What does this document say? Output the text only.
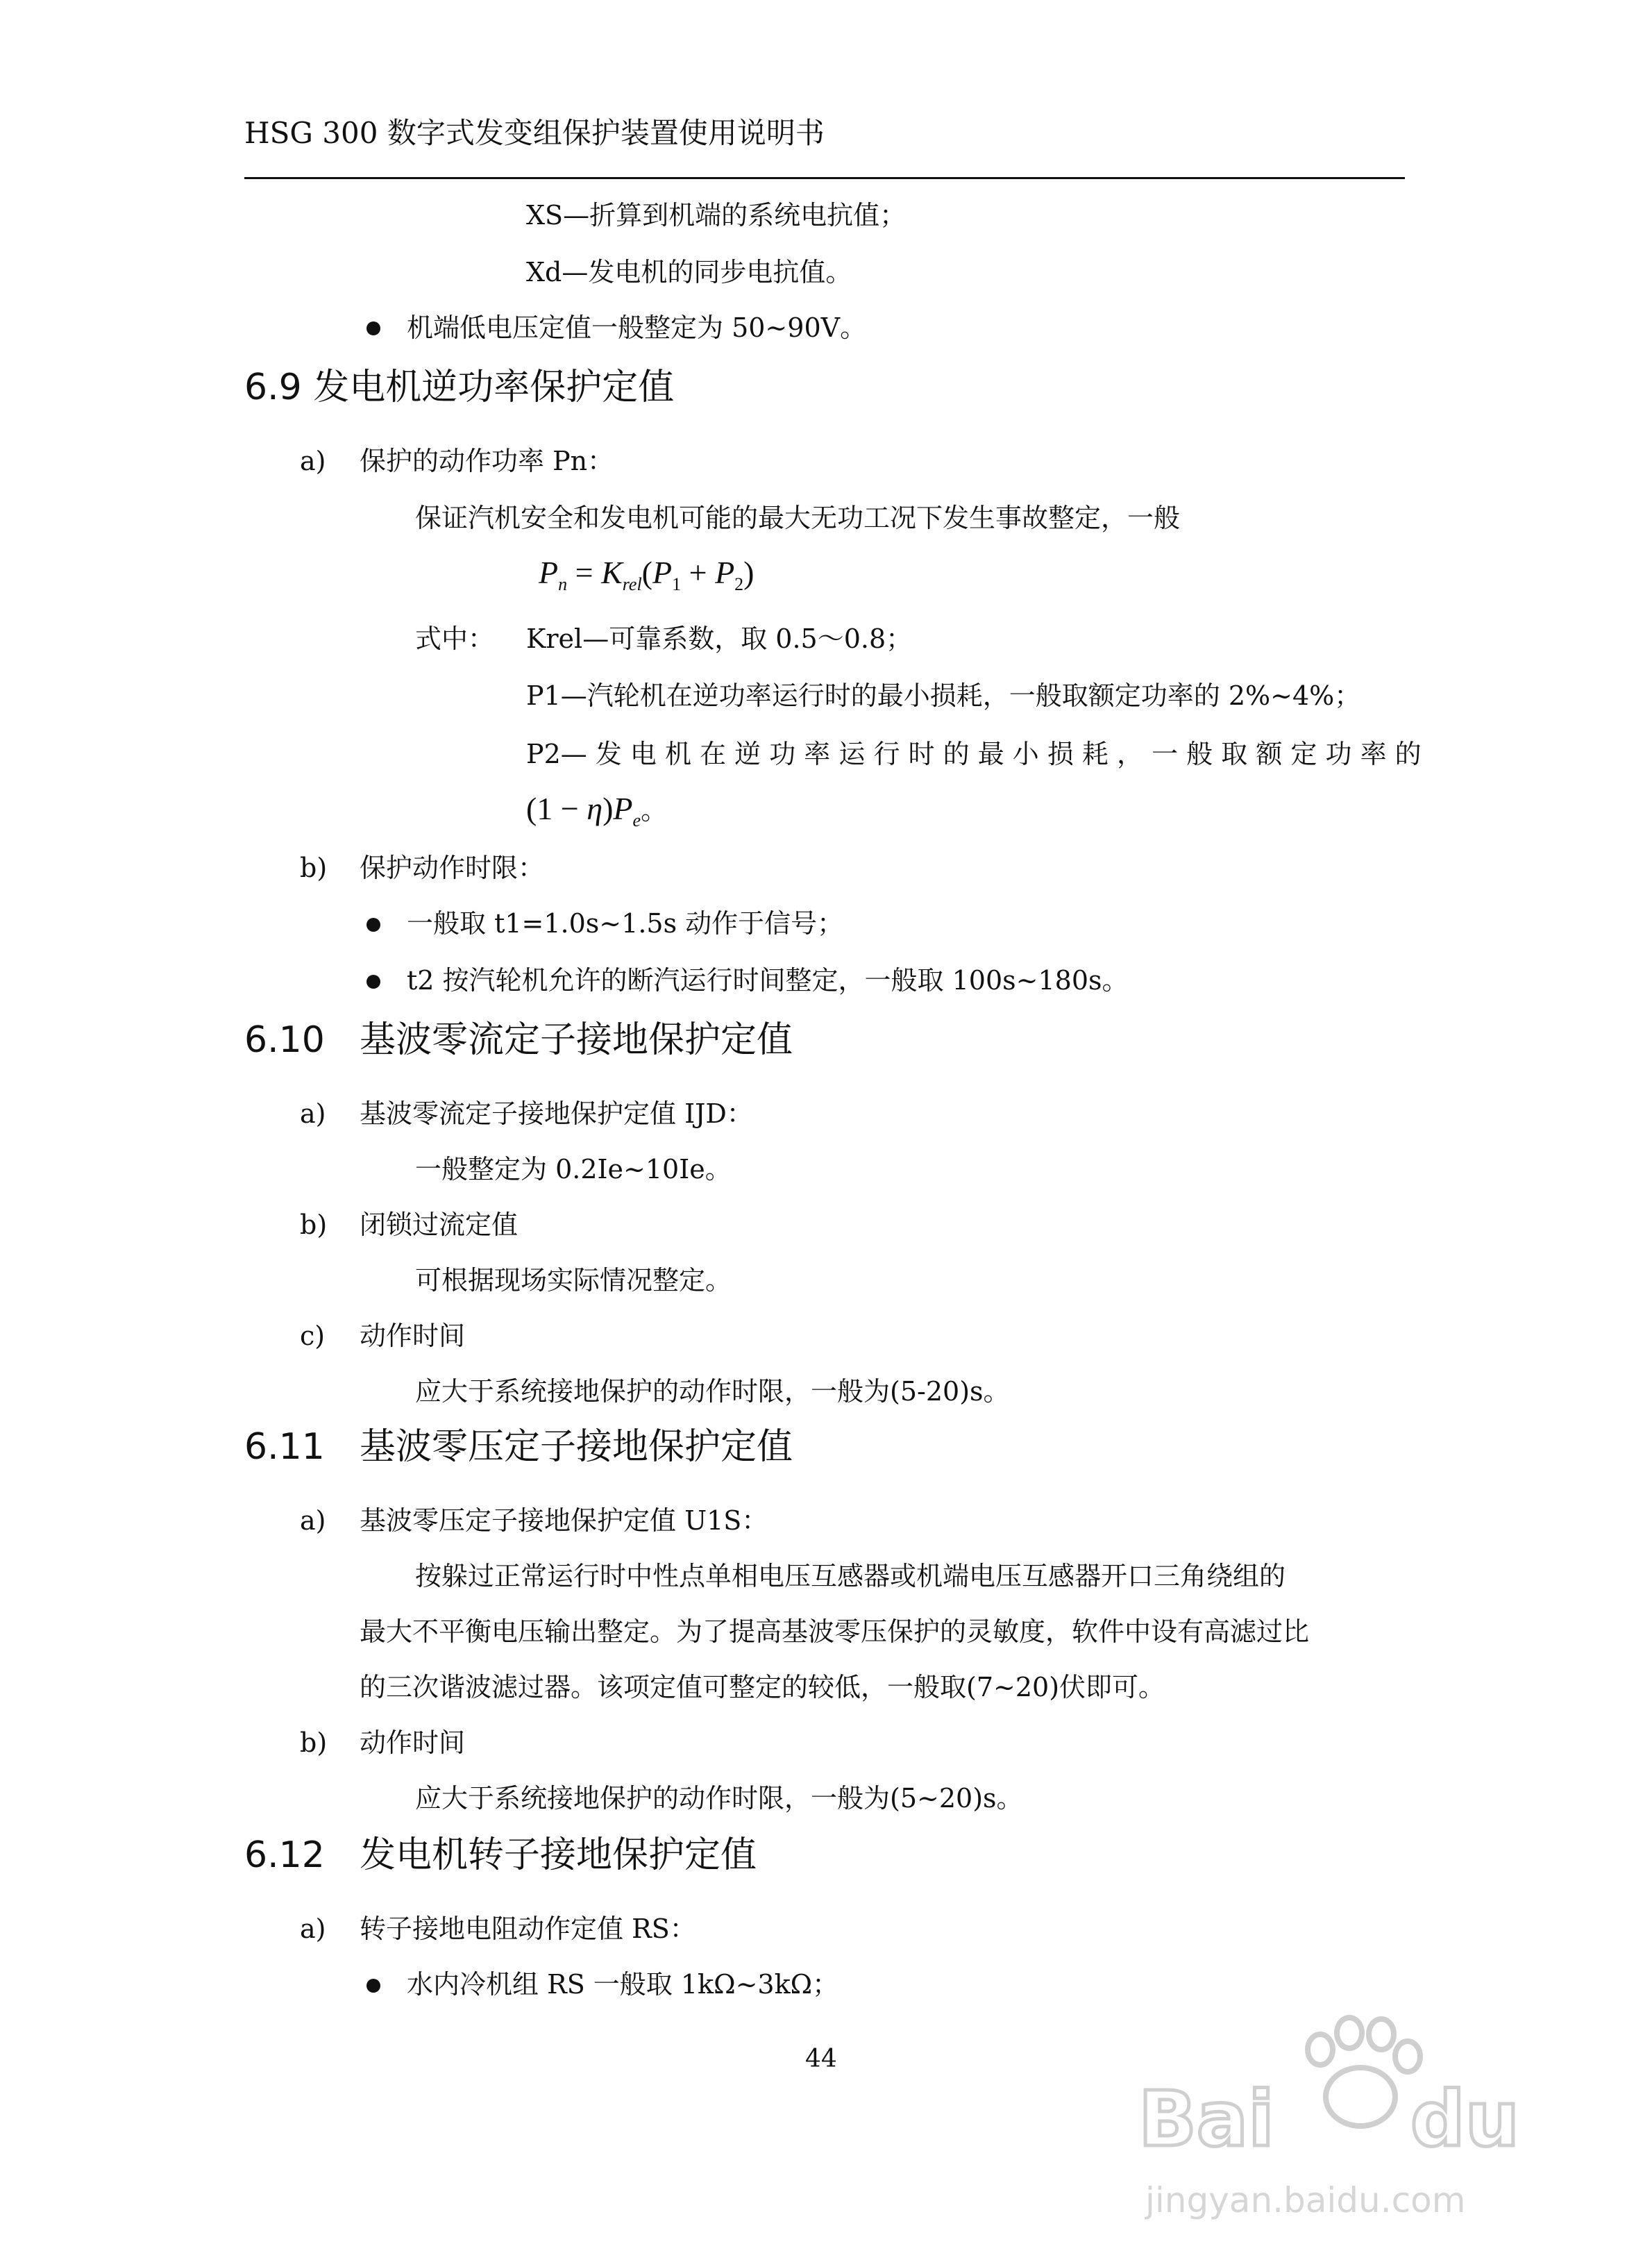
HSG 300 数字式发变组保护装置使用说明书
XS—折算到机端的系统电抗值；
Xd—发电机的同步电抗值。
机端低电压定值一般整定为 50~90V。
6.9 发电机逆功率保护定值
a) 保护的动作功率 Pn：
保证汽机安全和发电机可能的最大无功工况下发生事故整定，一般
$P_n = K_{rel}(P_1 + P_2)$
式中： Krel—可靠系数，取 0.5～0.8；
P1—汽轮机在逆功率运行时的最小损耗，一般取额定功率的 2%~4%；
P2— 发 电 机 在 逆 功 率 运 行 时 的 最 小 损 耗 ， 一 般 取 额 定 功 率 的
$(1 - \eta)P_e$。
b) 保护动作时限：
一般取 t1=1.0s~1.5s 动作于信号；
t2 按汽轮机允许的断汽运行时间整定，一般取 100s~180s。
6.10 基波零流定子接地保护定值
a) 基波零流定子接地保护定值 IJD：
一般整定为 0.2Ie~10Ie。
b) 闭锁过流定值
可根据现场实际情况整定。
c) 动作时间
应大于系统接地保护的动作时限，一般为(5-20)s。
6.11 基波零压定子接地保护定值
a) 基波零压定子接地保护定值 U1S：
按躲过正常运行时中性点单相电压互感器或机端电压互感器开口三角绕组的
最大不平衡电压输出整定。为了提高基波零压保护的灵敏度，软件中设有高滤过比
的三次谐波滤过器。该项定值可整定的较低，一般取(7~20)伏即可。
b) 动作时间
应大于系统接地保护的动作时限，一般为(5~20)s。
6.12 发电机转子接地保护定值
a) 转子接地电阻动作定值 RS：
水内冷机组 RS 一般取 1kΩ~3kΩ；
44
Bai du
jingyan.baidu.com
